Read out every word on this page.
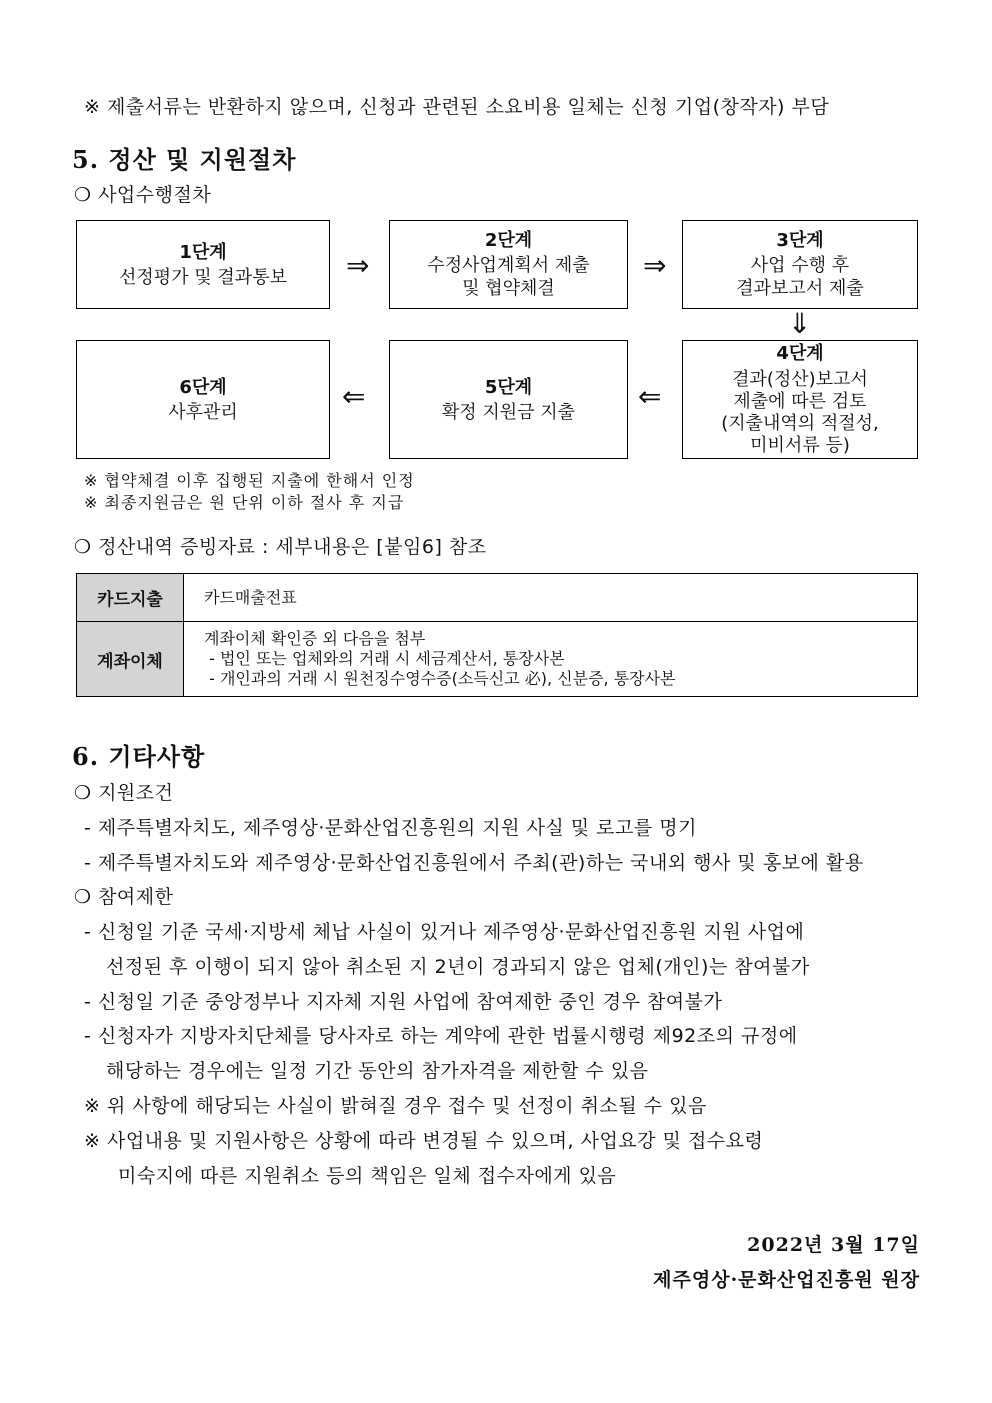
※ 제출서류는 반환하지 않으며, 신청과 관련된 소요비용 일체는 신청 기업(창작자) 부담
5. 정산 및 지원절차
❍ 사업수행절차
1단계
선정평가 및 결과통보 ⇒
2단계
수정사업계획서 제출
및 협약체결
⇒
3단계
사업 수행 후
결과보고서 제출
⇓
6단계
사후관리	⇐	5단계
확정 지원금 지출 ⇐
4단계
결과(정산)보고서
제출에 따른 검토
(지출내역의 적절성,
미비서류 등)
※ 협약체결 이후 집행된 지출에 한해서 인정
※ 최종지원금은 원 단위 이하 절사 후 지급
❍ 정산내역 증빙자료 : 세부내용은 [붙임6] 참조
카드지출	카드매출전표

계좌이체	계좌이체 확인증 외 다음을 첨부
- 법인 또는 업체와의 거래 시 세금계산서, 통장사본
- 개인과의 거래 시 원천징수영수증(소득신고 必), 신분증, 통장사본
6. 기타사항
❍ 지원조건
- 제주특별자치도, 제주영상·문화산업진흥원의 지원 사실 및 로고를 명기
- 제주특별자치도와 제주영상·문화산업진흥원에서 주최(관)하는 국내외 행사 및 홍보에 활용
❍ 참여제한
- 신청일 기준 국세·지방세 체납 사실이 있거나 제주영상·문화산업진흥원 지원 사업에
선정된 후 이행이 되지 않아 취소된 지 2년이 경과되지 않은 업체(개인)는 참여불가
- 신청일 기준 중앙정부나 지자체 지원 사업에 참여제한 중인 경우 참여불가
- 신청자가 지방자치단체를 당사자로 하는 계약에 관한 법률시행령 제92조의 규정에
해당하는 경우에는 일정 기간 동안의 참가자격을 제한할 수 있음
※ 위 사항에 해당되는 사실이 밝혀질 경우 접수 및 선정이 취소될 수 있음
※ 사업내용 및 지원사항은 상황에 따라 변경될 수 있으며, 사업요강 및 접수요령
미숙지에 따른 지원취소 등의 책임은 일체 접수자에게 있음
2022년 3월 17일
제주영상·문화산업진흥원 원장
